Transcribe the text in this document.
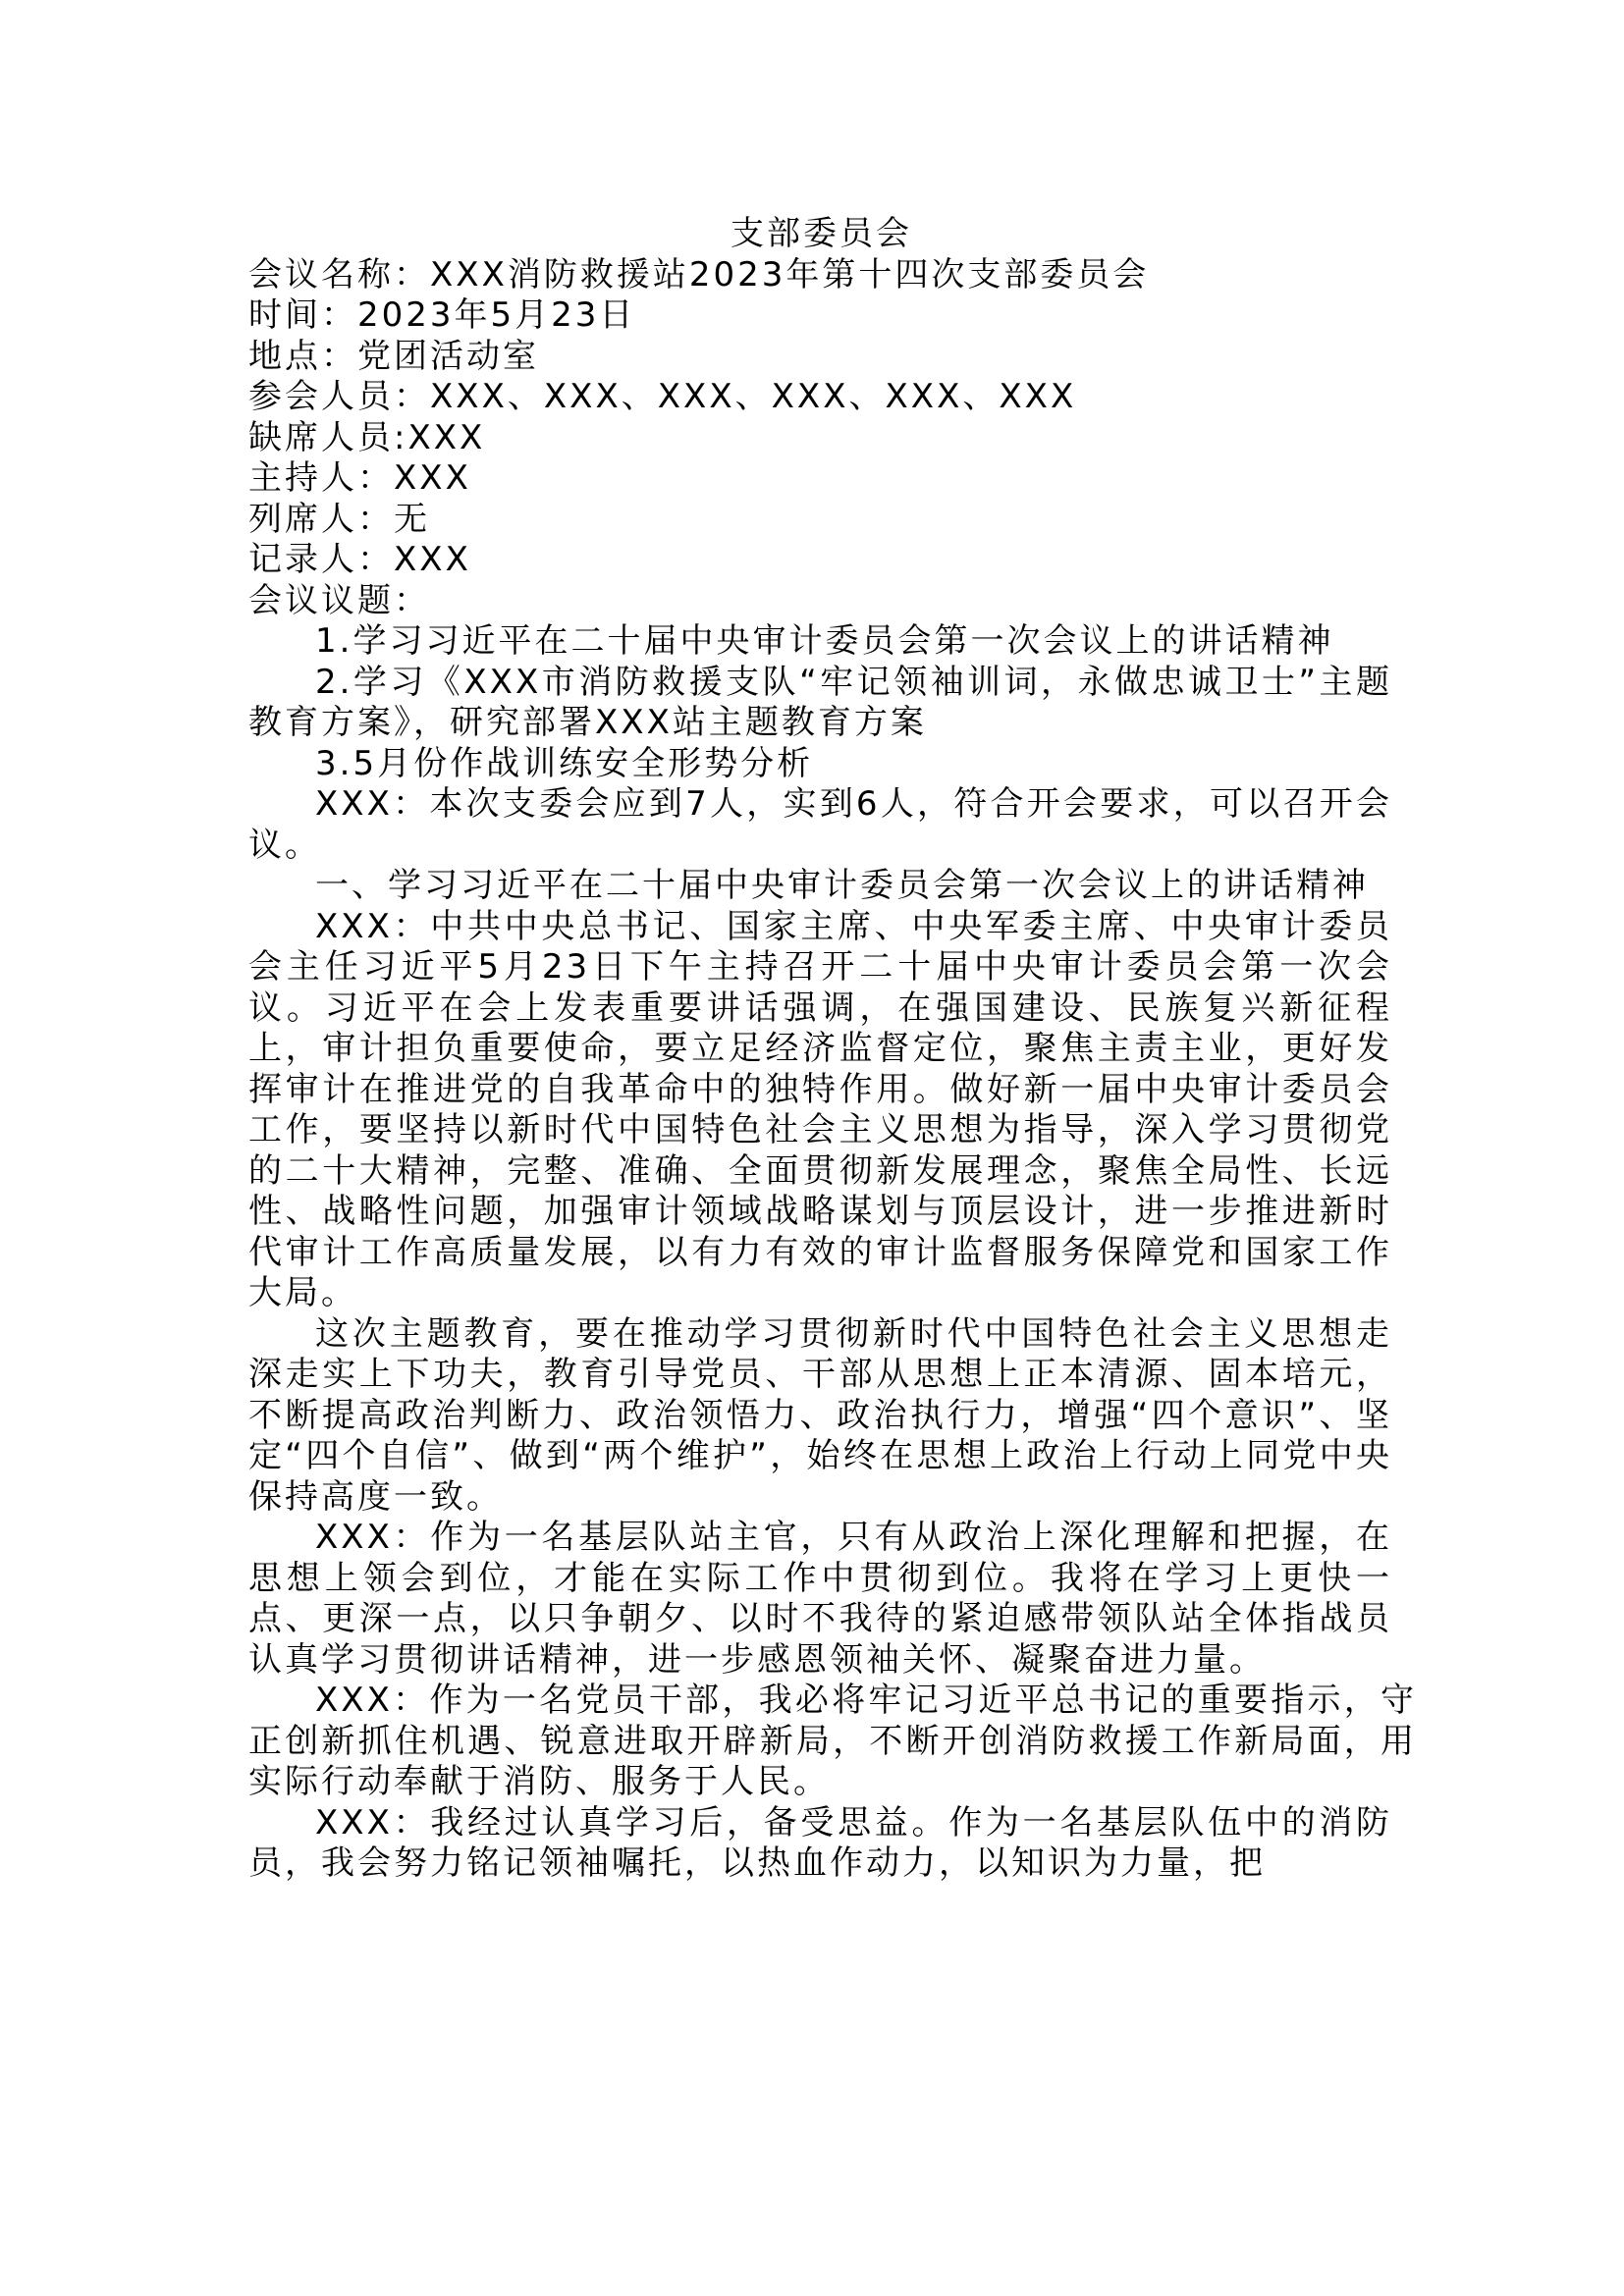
支部委员会
会议名称：XXX消防救援站2023年第十四次支部委员会
时间：2023年5月23日
地点：党团活动室
参会人员：XXX、XXX、XXX、XXX、XXX、XXX
缺席人员:XXX
主持人：XXX
列席人：无
记录人：XXX
会议议题：

1.学习习近平在二十届中央审计委员会第一次会议上的讲话精神

2.学习《XXX市消防救援支队“牢记领袖训词，永做忠诚卫士”主题教育方案》，研究部署XXX站主题教育方案

3.5月份作战训练安全形势分析

XXX：本次支委会应到7人，实到6人，符合开会要求，可以召开会议。

一、学习习近平在二十届中央审计委员会第一次会议上的讲话精神

XXX：中共中央总书记、国家主席、中央军委主席、中央审计委员会主任习近平5月23日下午主持召开二十届中央审计委员会第一次会议。习近平在会上发表重要讲话强调，在强国建设、民族复兴新征程上，审计担负重要使命，要立足经济监督定位，聚焦主责主业，更好发挥审计在推进党的自我革命中的独特作用。做好新一届中央审计委员会工作，要坚持以新时代中国特色社会主义思想为指导，深入学习贯彻党的二十大精神，完整、准确、全面贯彻新发展理念，聚焦全局性、长远性、战略性问题，加强审计领域战略谋划与顶层设计，进一步推进新时代审计工作高质量发展，以有力有效的审计监督服务保障党和国家工作大局。

这次主题教育，要在推动学习贯彻新时代中国特色社会主义思想走深走实上下功夫，教育引导党员、干部从思想上正本清源、固本培元，不断提高政治判断力、政治领悟力、政治执行力，增强“四个意识”、坚定“四个自信”、做到“两个维护”，始终在思想上政治上行动上同党中央保持高度一致。

XXX：作为一名基层队站主官，只有从政治上深化理解和把握，在思想上领会到位，才能在实际工作中贯彻到位。我将在学习上更快一点、更深一点，以只争朝夕、以时不我待的紧迫感带领队站全体指战员认真学习贯彻讲话精神，进一步感恩领袖关怀、凝聚奋进力量。

XXX：作为一名党员干部，我必将牢记习近平总书记的重要指示，守正创新抓住机遇、锐意进取开辟新局，不断开创消防救援工作新局面，用实际行动奉献于消防、服务于人民。

XXX：我经过认真学习后，备受思益。作为一名基层队伍中的消防员，我会努力铭记领袖嘱托，以热血作动力，以知识为力量，把
